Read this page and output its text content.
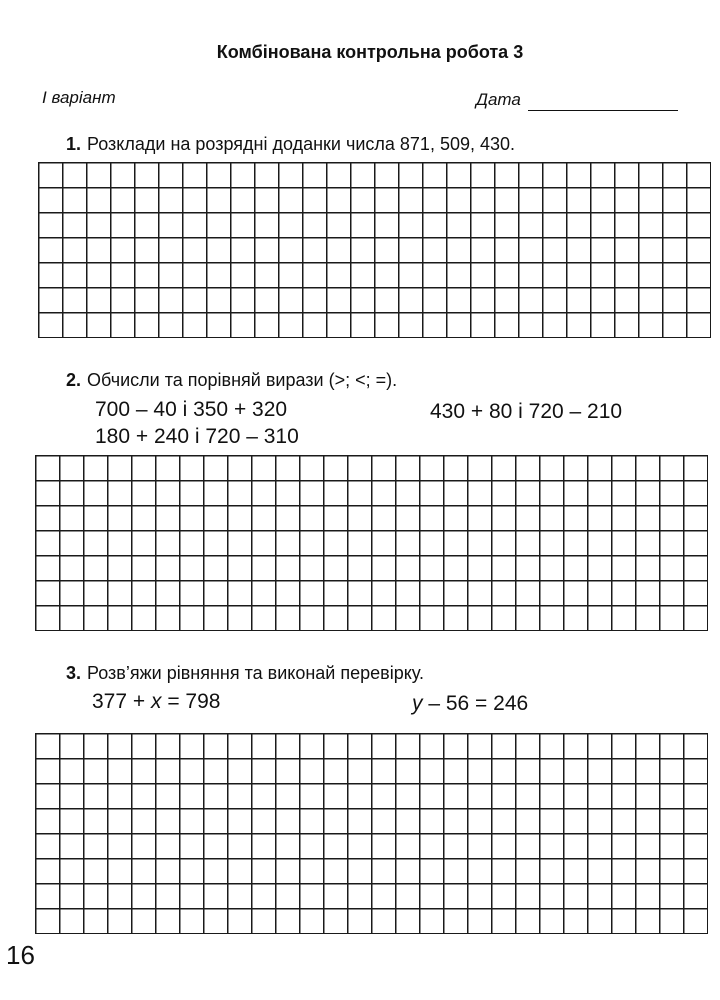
Комбінована контрольна робота 3
I варіант	Дата
1. Розклади на розрядні доданки числа 871, 509, 430.
2. Обчисли та порівняй вирази (>; <; =).
700 – 40 і 350 + 320	430 + 80 і 720 – 210
180 + 240 і 720 – 310
3. Розв’яжи рівняння та виконай перевірку.
377 + x = 798	y – 56 = 246
16
